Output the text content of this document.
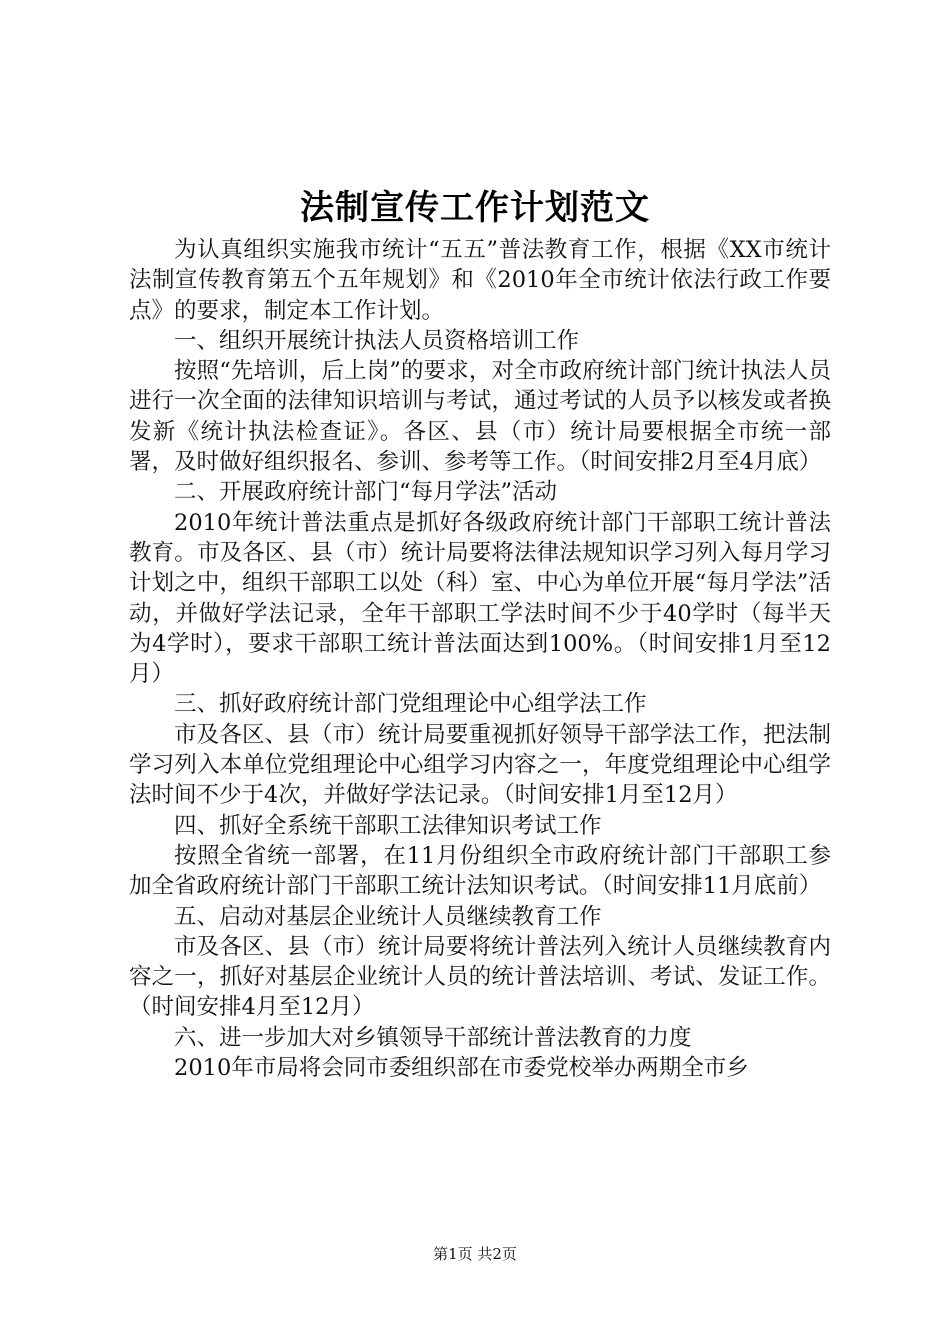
法制宣传工作计划范文

为认真组织实施我市统计“五五”普法教育工作，根据《XX市统计法制宣传教育第五个五年规划》和《2010年全市统计依法行政工作要点》的要求，制定本工作计划。

一、组织开展统计执法人员资格培训工作

按照“先培训，后上岗”的要求，对全市政府统计部门统计执法人员进行一次全面的法律知识培训与考试，通过考试的人员予以核发或者换发新《统计执法检查证》。各区、县（市）统计局要根据全市统一部署，及时做好组织报名、参训、参考等工作。（时间安排2月至4月底）

二、开展政府统计部门“每月学法”活动

2010年统计普法重点是抓好各级政府统计部门干部职工统计普法教育。市及各区、县（市）统计局要将法律法规知识学习列入每月学习计划之中，组织干部职工以处（科）室、中心为单位开展“每月学法”活动，并做好学法记录，全年干部职工学法时间不少于40学时（每半天为4学时），要求干部职工统计普法面达到100%。（时间安排1月至12月）

三、抓好政府统计部门党组理论中心组学法工作

市及各区、县（市）统计局要重视抓好领导干部学法工作，把法制学习列入本单位党组理论中心组学习内容之一，年度党组理论中心组学法时间不少于4次，并做好学法记录。（时间安排1月至12月）

四、抓好全系统干部职工法律知识考试工作

按照全省统一部署，在11月份组织全市政府统计部门干部职工参加全省政府统计部门干部职工统计法知识考试。（时间安排11月底前）

五、启动对基层企业统计人员继续教育工作

市及各区、县（市）统计局要将统计普法列入统计人员继续教育内容之一，抓好对基层企业统计人员的统计普法培训、考试、发证工作。（时间安排4月至12月）

六、进一步加大对乡镇领导干部统计普法教育的力度

2010年市局将会同市委组织部在市委党校举办两期全市乡

第1页 共2页
